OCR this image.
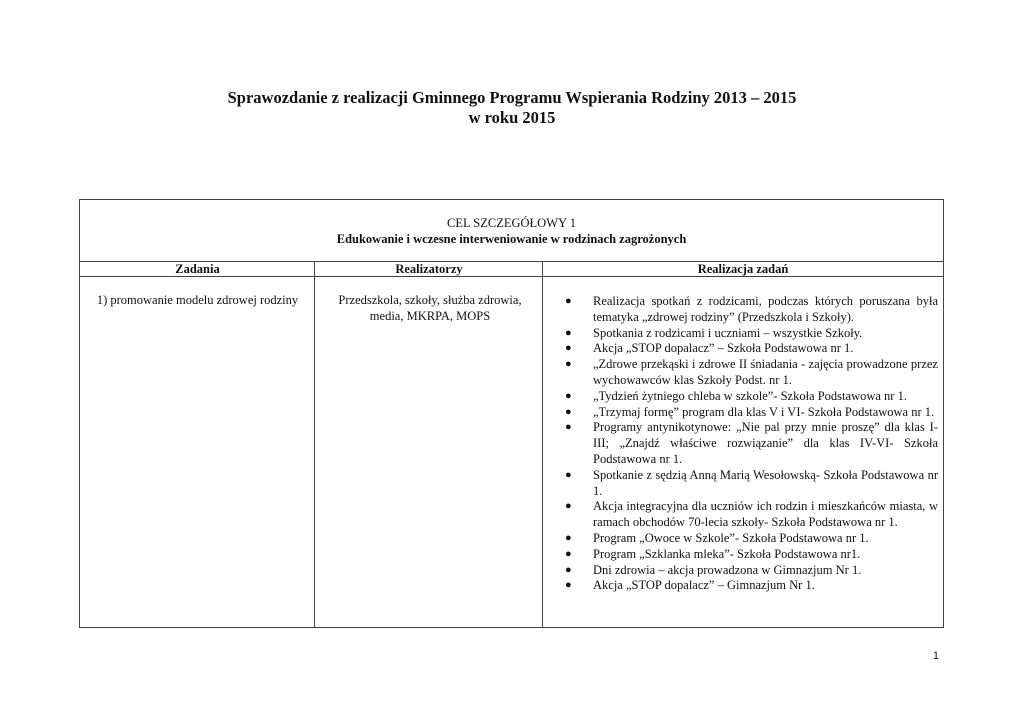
Sprawozdanie z realizacji Gminnego Programu Wspierania Rodziny 2013 – 2015
w roku 2015
CEL SZCZEGÓŁOWY 1
Edukowanie i wczesne interweniowanie w rodzinach zagrożonych
Zadania	Realizatorzy	Realizacja zadań
1) promowanie modelu zdrowej rodziny	Przedszkola, szkoły, służba zdrowia, media, MKRPA, MOPS
● Realizacja spotkań z rodzicami, podczas których poruszana była tematyka „zdrowej rodziny” (Przedszkola i Szkoły).
● Spotkania z rodzicami i uczniami – wszystkie Szkoły.
● Akcja „STOP dopalacz” – Szkoła Podstawowa nr 1.
● „Zdrowe przekąski i zdrowe II śniadania - zajęcia prowadzone przez wychowawców klas Szkoły Podst. nr 1.
● „Tydzień żytniego chleba w szkole”- Szkoła Podstawowa nr 1.
● „Trzymaj formę” program dla klas V i VI- Szkoła Podstawowa nr 1.
● Programy antynikotynowe: „Nie pal przy mnie proszę” dla klas I- III; „Znajdź właściwe rozwiązanie” dla klas IV-VI- Szkoła Podstawowa nr 1.
● Spotkanie z sędzią Anną Marią Wesołowską- Szkoła Podstawowa nr 1.
● Akcja integracyjna dla uczniów ich rodzin i mieszkańców miasta, w ramach obchodów 70-lecia szkoły- Szkoła Podstawowa nr 1.
● Program „Owoce w Szkole”- Szkoła Podstawowa nr 1.
● Program „Szklanka mleka”- Szkoła Podstawowa nr1.
● Dni zdrowia – akcja prowadzona w Gimnazjum Nr 1.
● Akcja „STOP dopalacz” – Gimnazjum Nr 1.
1
